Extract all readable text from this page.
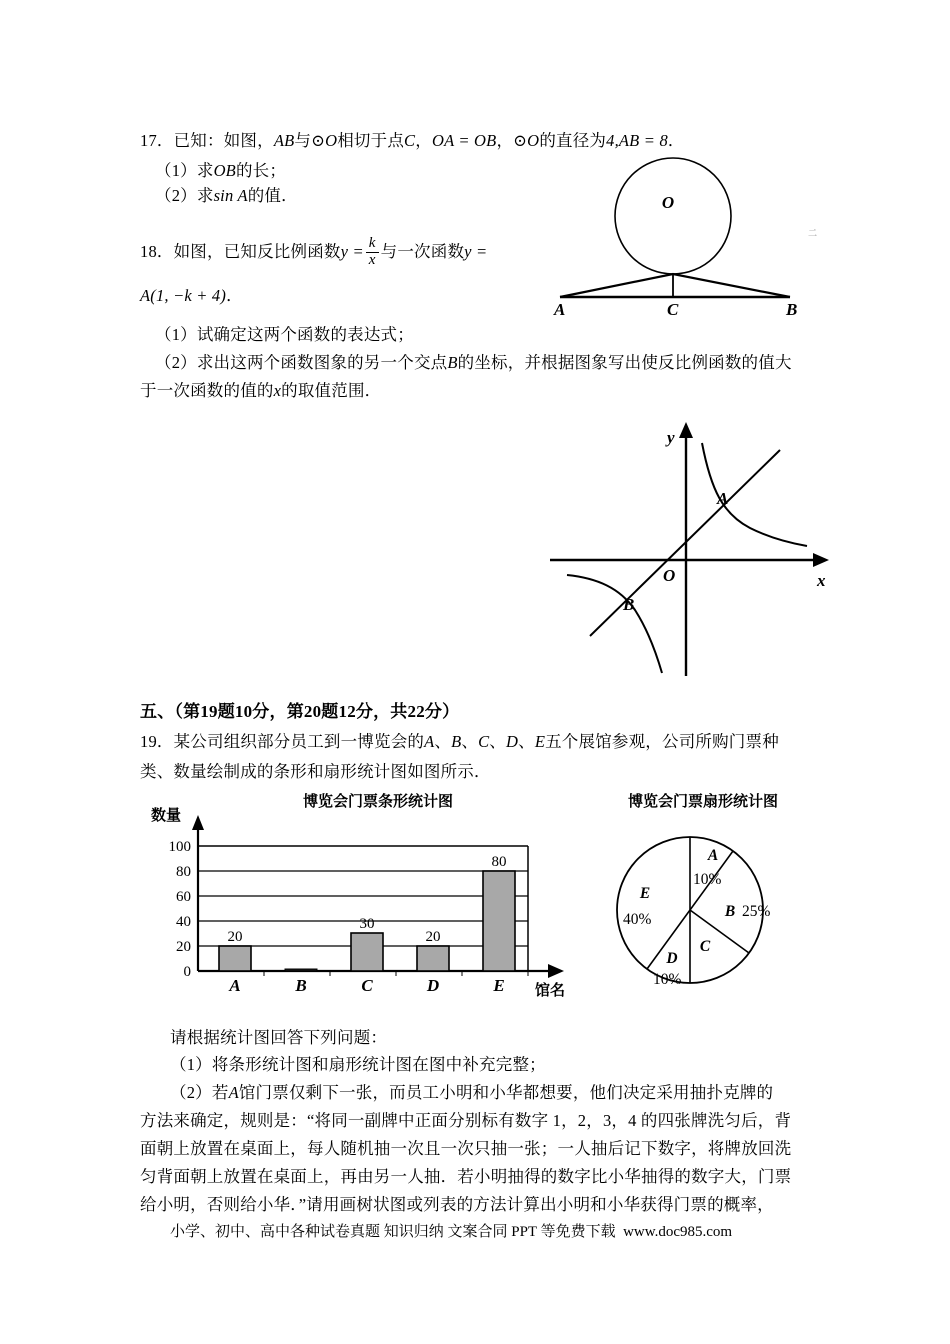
17．已知：如图，AB与⊙O相切于点C，OA = OB，⊙O的直径为4,AB = 8．
（1）求OB的长；
（2）求sin A的值．	O
A	C	B
二
18．如图，已知反比例函数$y = \frac{k}{x}$ 与一次函数y =
A(1, −k + 4)．
（1）试确定这两个函数的表达式；
（2）求出这两个函数图象的另一个交点B的坐标，并根据图象写出使反比例函数的值大
于一次函数的值的x的取值范围．
y
x
O
A
B
五、（第19题10分，第20题12分，共22分）
19．某公司组织部分员工到一博览会的A、B、C、D、E五个展馆参观，公司所购门票种
类、数量绘制成的条形和扇形统计图如图所示．
博览会门票条形统计图
数量
100
80
60
40
20
0
20
30
20
80
A	B	C	D	E 馆名
博览会门票扇形统计图
A
10%
B 25%
C
D
10%
E
40%
请根据统计图回答下列问题：
（1）将条形统计图和扇形统计图在图中补充完整；
（2）若A馆门票仅剩下一张，而员工小明和小华都想要，他们决定采用抽扑克牌的
方法来确定，规则是：“将同一副牌中正面分别标有数字 1，2，3，4 的四张牌洗匀后，背
面朝上放置在桌面上，每人随机抽一次且一次只抽一张；一人抽后记下数字，将牌放回洗
匀背面朝上放置在桌面上，再由另一人抽．若小明抽得的数字比小华抽得的数字大，门票
给小明，否则给小华．”请用画树状图或列表的方法计算出小明和小华获得门票的概率，
小学、初中、高中各种试卷真题 知识归纳 文案合同 PPT 等免费下载 www.doc985.com
